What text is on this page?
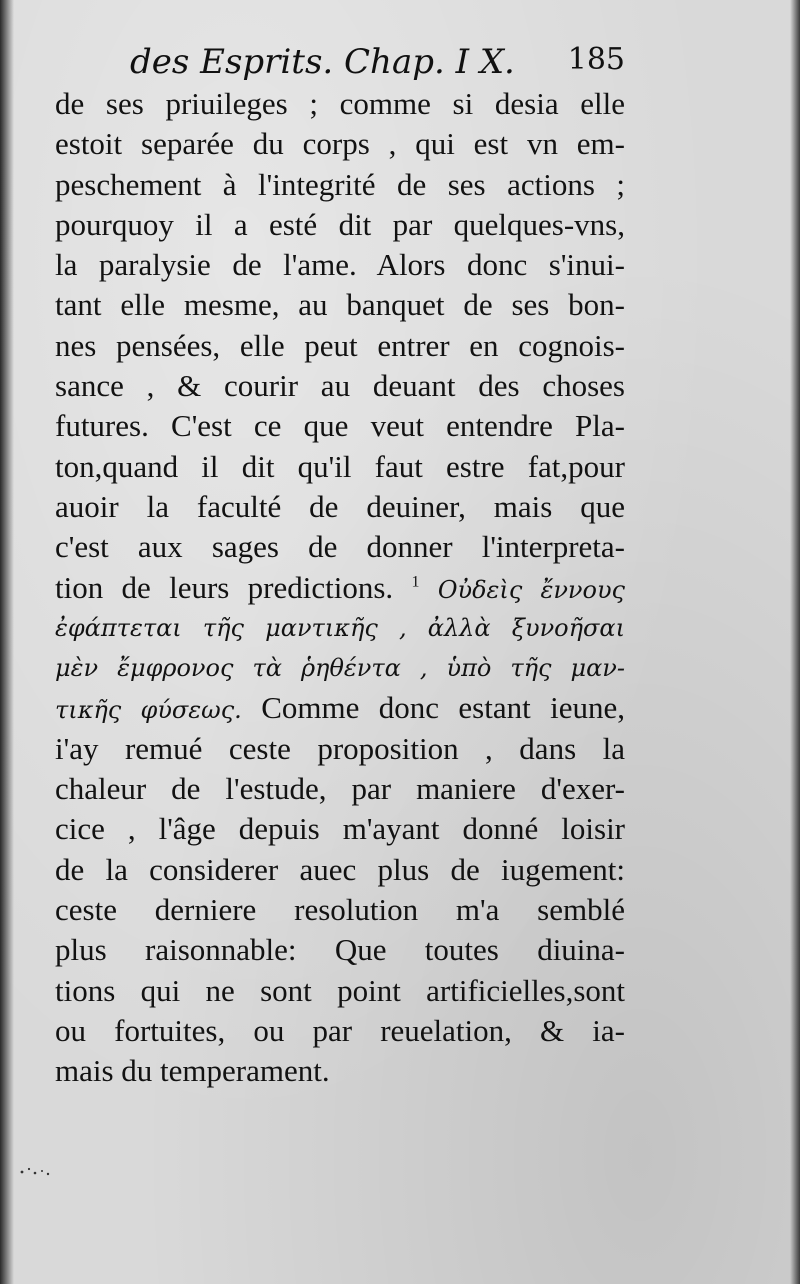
des Esprits. Chap. I X. 185
de ses priuileges ; comme si desia elle
estoit separée du corps , qui est vn em-
peschement à l'integrité de ses actions ;
pourquoy il a esté dit par quelques-vns,
la paralysie de l'ame. Alors donc s'inui-
tant elle mesme, au banquet de ses bon-
nes pensées, elle peut entrer en cognois-
sance , & courir au deuant des choses
futures. C'est ce que veut entendre Pla-
ton,quand il dit qu'il faut estre fat,pour
auoir la faculté de deuiner, mais que
c'est aux sages de donner l'interpreta-
tion de leurs predictions. $^1$ Οὐδεὶς ἔννους
ἐφάπτεται τῆς μαντικῆς , ἀλλὰ ξυνοῆσαι
μὲν ἔμφρονος τὰ ῥηθέντα , ὑπὸ τῆς μαν-
τικῆς φύσεως. Comme donc estant ieune,
i'ay remué ceste proposition , dans la
chaleur de l'estude, par maniere d'exer-
cice , l'âge depuis m'ayant donné loisir
de la considerer auec plus de iugement:
ceste derniere resolution m'a semblé
plus raisonnable: Que toutes diuina-
tions qui ne sont point artificielles,sont
ou fortuites, ou par reuelation, & ia-
mais du temperament.
